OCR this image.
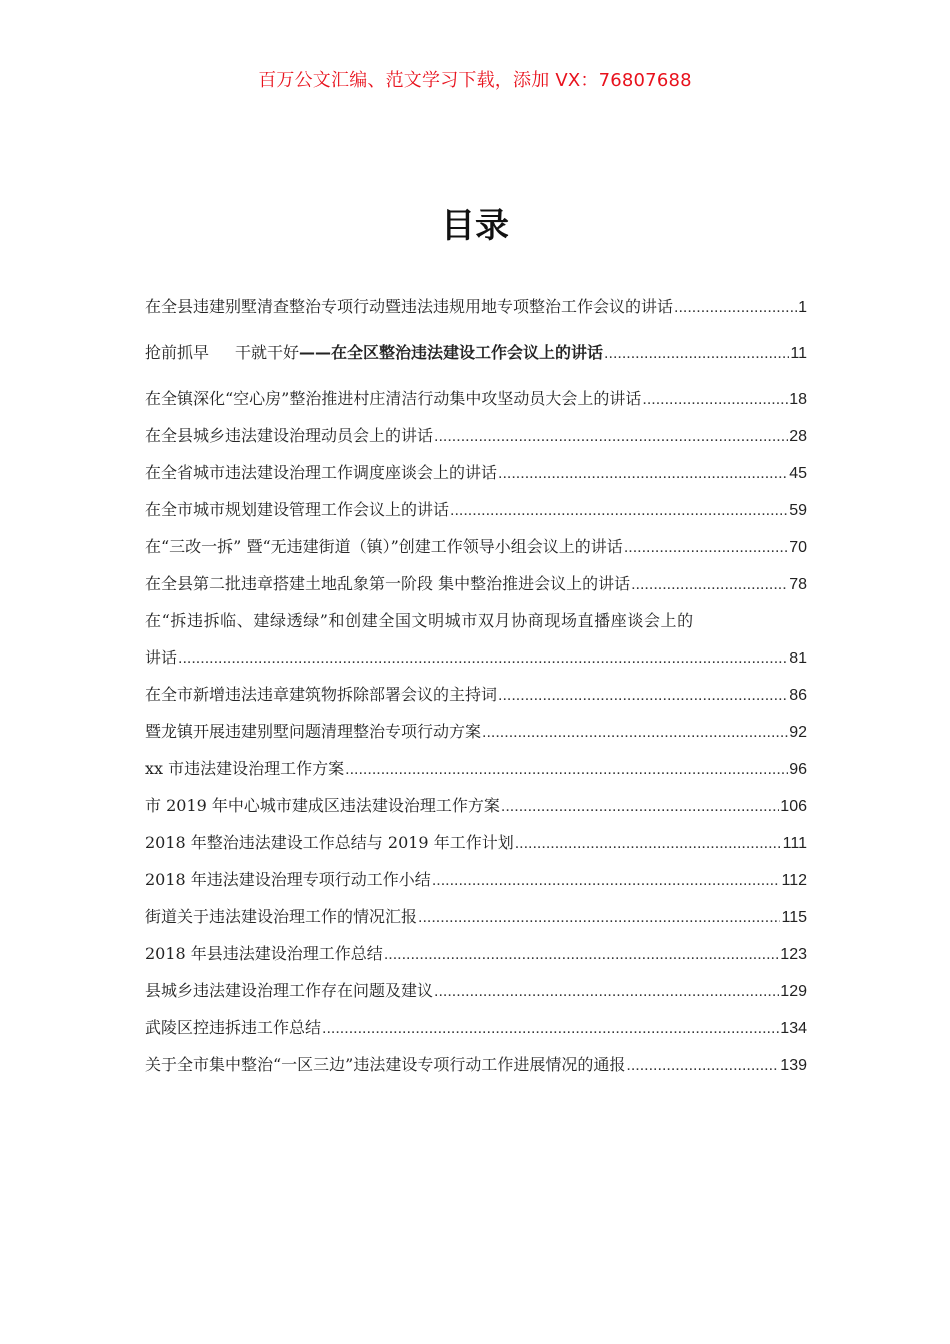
百万公文汇编、范文学习下载，添加 VX：76807688
目录
在全县违建别墅清查整治专项行动暨违法违规用地专项整治工作会议的讲话 .....	1
抢前抓早 干就干好——在全区整治违法建设工作会议上的讲话 .....	11
在全镇深化“空心房”整治推进村庄清洁行动集中攻坚动员大会上的讲话 .....	18
在全县城乡违法建设治理动员会上的讲话 .....	28
在全省城市违法建设治理工作调度座谈会上的讲话 .....	45
在全市城市规划建设管理工作会议上的讲话 .....	59
在“三改一拆” 暨“无违建街道（镇）”创建工作领导小组会议上的讲话 .....	70
在全县第二批违章搭建土地乱象第一阶段 集中整治推进会议上的讲话 .....	78
在“拆违拆临、建绿透绿”和创建全国文明城市双月协商现场直播座谈会上的
讲话 .....	81
在全市新增违法违章建筑物拆除部署会议的主持词 .....	86
暨龙镇开展违建别墅问题清理整治专项行动方案 .....	92
xx 市违法建设治理工作方案 .....	96
市 2019 年中心城市建成区违法建设治理工作方案 .....	106
2018 年整治违法建设工作总结与 2019 年工作计划 .....	111
2018 年违法建设治理专项行动工作小结 .....	112
街道关于违法建设治理工作的情况汇报 .....	115
2018 年县违法建设治理工作总结 .....	123
县城乡违法建设治理工作存在问题及建议 .....	129
武陵区控违拆违工作总结 .....	134
关于全市集中整治“一区三边”违法建设专项行动工作进展情况的通报 .....	139
